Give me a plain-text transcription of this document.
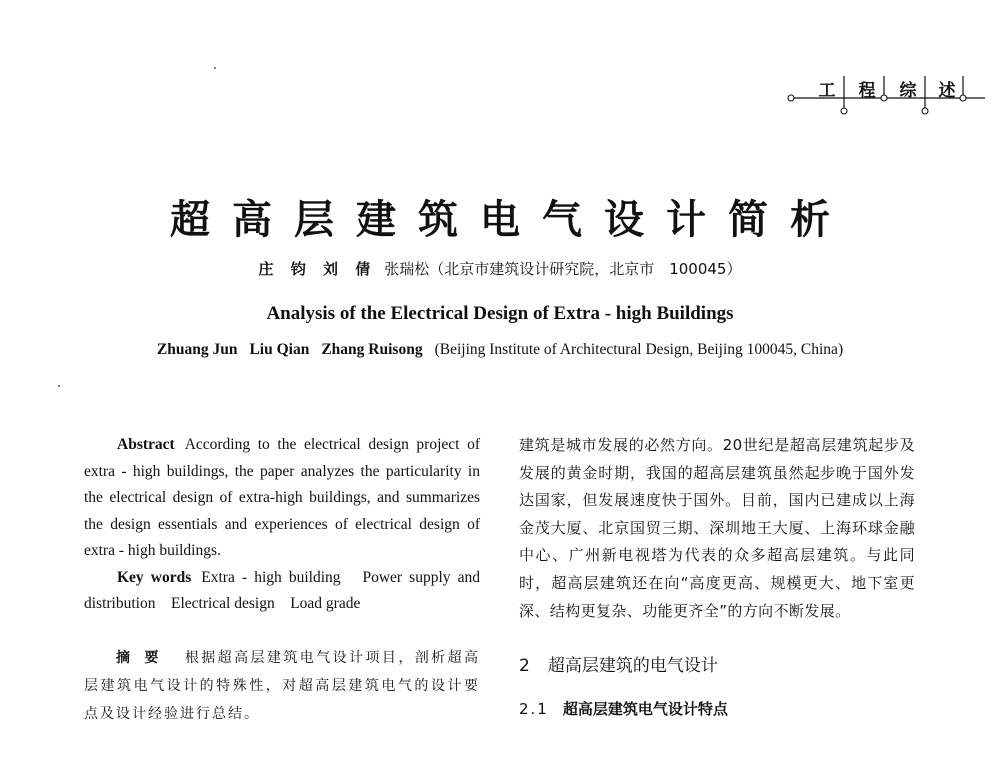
工	程	综	述
超高层建筑电气设计简析
庄 钧 刘 倩 张瑞松（北京市建筑设计研究院，北京市　100045）
Analysis of the Electrical Design of Extra - high Buildings
Zhuang Jun Liu Qian Zhang Ruisong (Beijing Institute of Architectural Design, Beijing 100045, China)

Abstract According to the electrical design project of extra - high buildings, the paper analyzes the particularity in the electrical design of extra-high buildings, and summarizes the design essentials and experiences of electrical design of extra - high buildings.

Key words Extra - high building　Power supply and distribution　Electrical design　Load grade

摘要 根据超高层建筑电气设计项目，剖析超高层建筑电气设计的特殊性，对超高层建筑电气的设计要点及设计经验进行总结。

建筑是城市发展的必然方向。20世纪是超高层建筑起步及发展的黄金时期，我国的超高层建筑虽然起步晚于国外发达国家，但发展速度快于国外。目前，国内已建成以上海金茂大厦、北京国贸三期、深圳地王大厦、上海环球金融中心、广州新电视塔为代表的众多超高层建筑。与此同时，超高层建筑还在向“高度更高、规模更大、地下室更深、结构更复杂、功能更齐全”的方向不断发展。

2 超高层建筑的电气设计
2.1 超高层建筑电气设计特点
